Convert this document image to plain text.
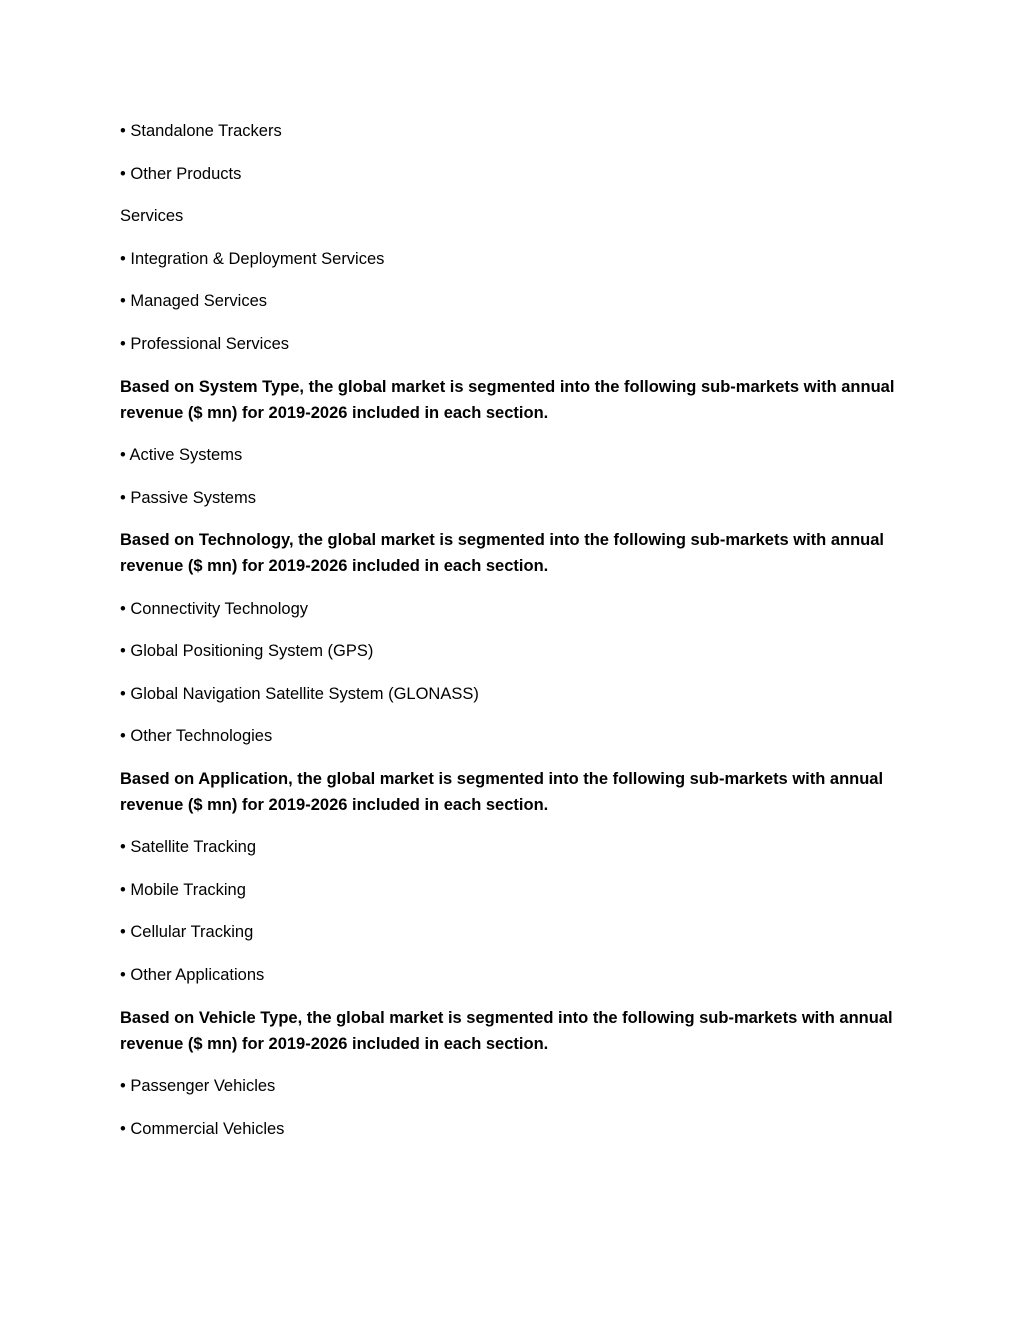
• Standalone Trackers
• Other Products
Services
• Integration & Deployment Services
• Managed Services
• Professional Services
Based on System Type, the global market is segmented into the following sub-markets with annual revenue ($ mn) for 2019-2026 included in each section.
• Active Systems
• Passive Systems
Based on Technology, the global market is segmented into the following sub-markets with annual revenue ($ mn) for 2019-2026 included in each section.
• Connectivity Technology
• Global Positioning System (GPS)
• Global Navigation Satellite System (GLONASS)
• Other Technologies
Based on Application, the global market is segmented into the following sub-markets with annual revenue ($ mn) for 2019-2026 included in each section.
• Satellite Tracking
• Mobile Tracking
• Cellular Tracking
• Other Applications
Based on Vehicle Type, the global market is segmented into the following sub-markets with annual revenue ($ mn) for 2019-2026 included in each section.
• Passenger Vehicles
• Commercial Vehicles
